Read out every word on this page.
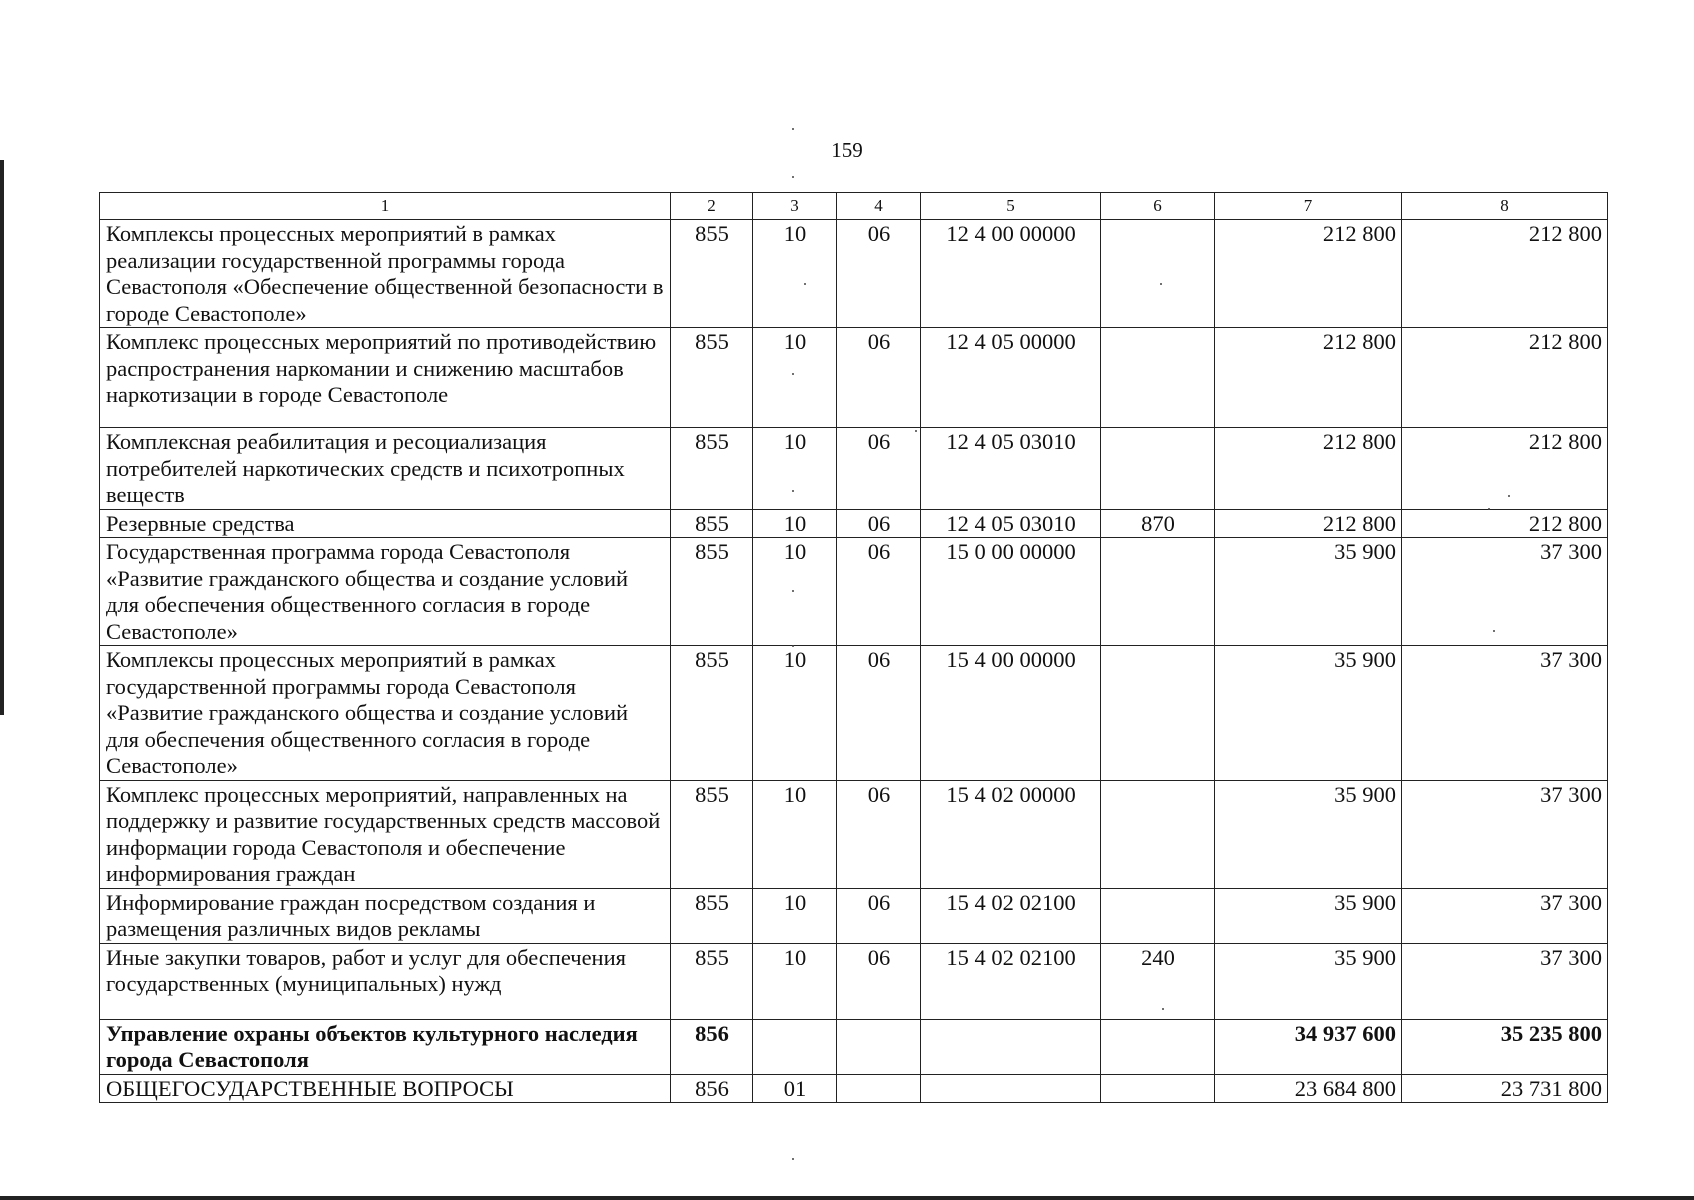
159
1	2	3	4	5	6	7	8
Комплексы процессных мероприятий в рамках реализации государственной программы города Севастополя «Обеспечение общественной безопасности в городе Севастополе»	855	10	06	12 4 00 00000		212 800	212 800
Комплекс процессных мероприятий по противодействию распространения наркомании и снижению масштабов наркотизации в городе Севастополе	855	10	06	12 4 05 00000		212 800	212 800
Комплексная реабилитация и ресоциализация потребителей наркотических средств и психотропных веществ	855	10	06	12 4 05 03010		212 800	212 800
Резервные средства	855	10	06	12 4 05 03010	870	212 800	212 800
Государственная программа города Севастополя «Развитие гражданского общества и создание условий для обеспечения общественного согласия в городе Севастополе»	855	10	06	15 0 00 00000		35 900	37 300
Комплексы процессных мероприятий в рамках государственной программы города Севастополя «Развитие гражданского общества и создание условий для обеспечения общественного согласия в городе Севастополе»	855	10	06	15 4 00 00000		35 900	37 300
Комплекс процессных мероприятий, направленных на поддержку и развитие государственных средств массовой информации города Севастополя и обеспечение информирования граждан	855	10	06	15 4 02 00000		35 900	37 300
Информирование граждан посредством создания и размещения различных видов рекламы	855	10	06	15 4 02 02100		35 900	37 300
Иные закупки товаров, работ и услуг для обеспечения государственных (муниципальных) нужд	855	10	06	15 4 02 02100	240	35 900	37 300
Управление охраны объектов культурного наследия города Севастополя	856					34 937 600	35 235 800
ОБЩЕГОСУДАРСТВЕННЫЕ ВОПРОСЫ	856	01				23 684 800	23 731 800
